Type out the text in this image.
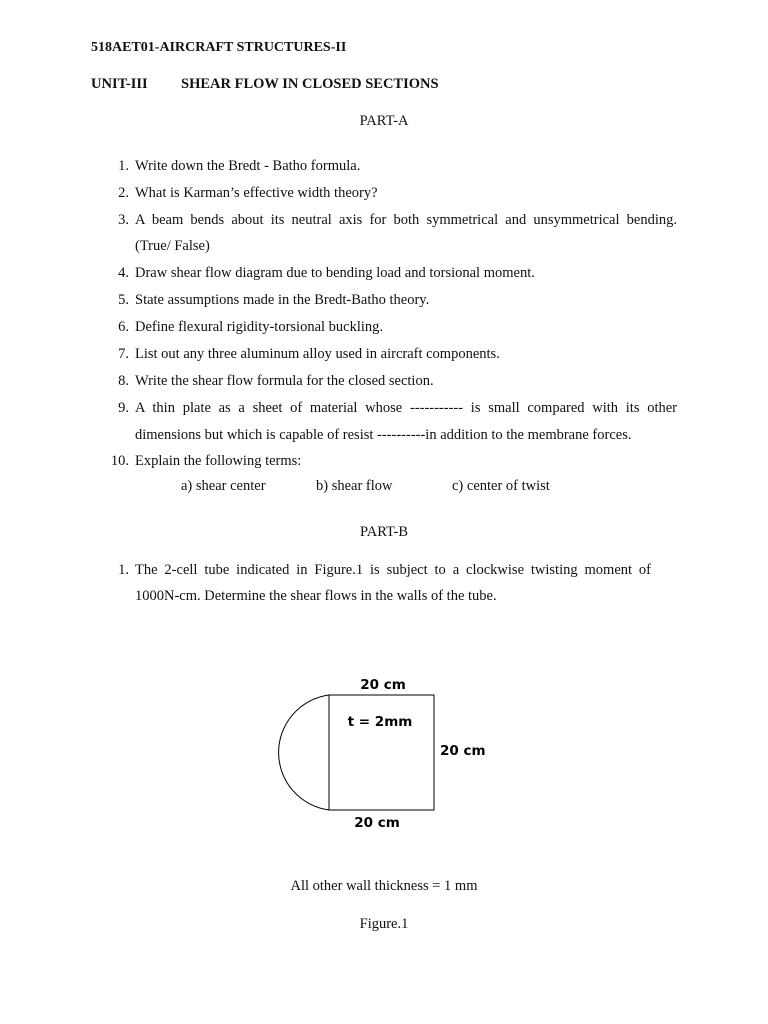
518AET01-AIRCRAFT STRUCTURES-II
UNIT-III SHEAR FLOW IN CLOSED SECTIONS
PART-A
1. Write down the Bredt - Batho formula.
2. What is Karman’s effective width theory?
3. A beam bends about its neutral axis for both symmetrical and unsymmetrical bending.
(True/ False)
4. Draw shear flow diagram due to bending load and torsional moment.
5. State assumptions made in the Bredt-Batho theory.
6. Define flexural rigidity-torsional buckling.
7. List out any three aluminum alloy used in aircraft components.
8. Write the shear flow formula for the closed section.
9. A thin plate as a sheet of material whose ----------- is small compared with its other
dimensions but which is capable of resist ----------in addition to the membrane forces.
10. Explain the following terms:
a) shear center	b) shear flow	c) center of twist
PART-B
1. The 2-cell tube indicated in Figure.1 is subject to a clockwise twisting moment of
1000N-cm. Determine the shear flows in the walls of the tube.
20 cm
t = 2mm
20 cm
20 cm
All other wall thickness = 1 mm
Figure.1
